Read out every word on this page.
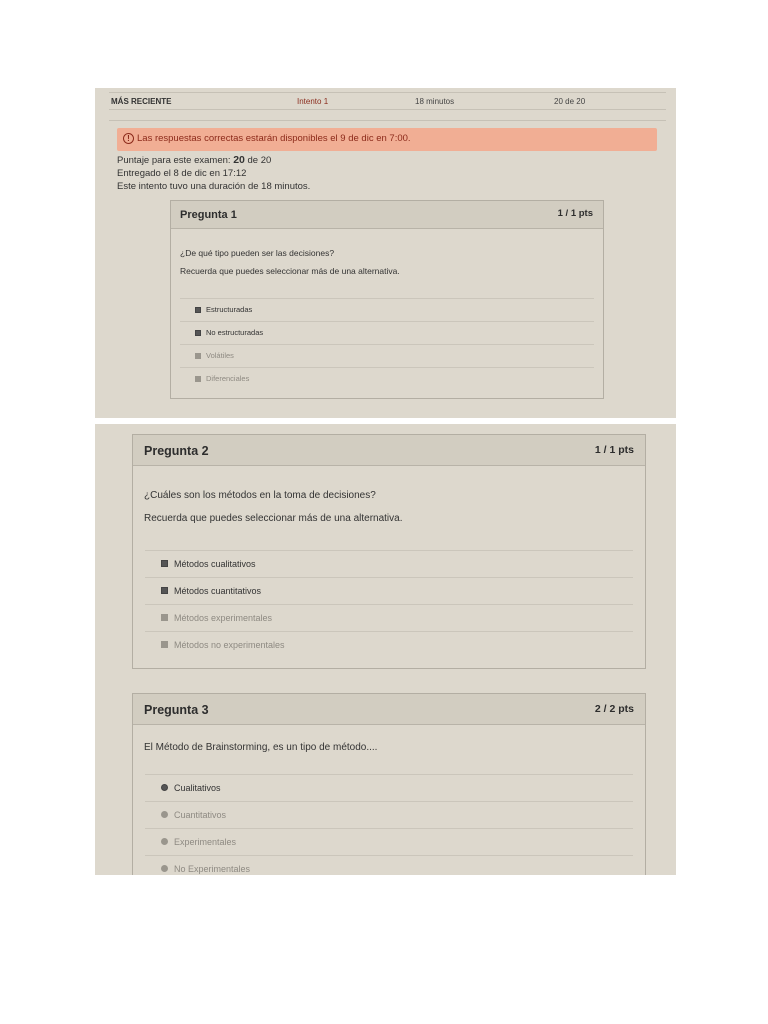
MÁS RECIENTE	Intento 1	18 minutos	20 de 20
! Las respuestas correctas estarán disponibles el 9 de dic en 7:00.
Puntaje para este examen: 20 de 20
Entregado el 8 de dic en 17:12
Este intento tuvo una duración de 18 minutos.
Pregunta 1	1 / 1 pts
¿De qué tipo pueden ser las decisiones?
Recuerda que puedes seleccionar más de una alternativa.
Estructuradas
No estructuradas
Volátiles
Diferenciales
Pregunta 2	1 / 1 pts
¿Cuáles son los métodos en la toma de decisiones?
Recuerda que puedes seleccionar más de una alternativa.
Métodos cualitativos
Métodos cuantitativos
Métodos experimentales
Métodos no experimentales
Pregunta 3	2 / 2 pts
El Método de Brainstorming, es un tipo de método....
Cualitativos
Cuantitativos
Experimentales
No Experimentales
